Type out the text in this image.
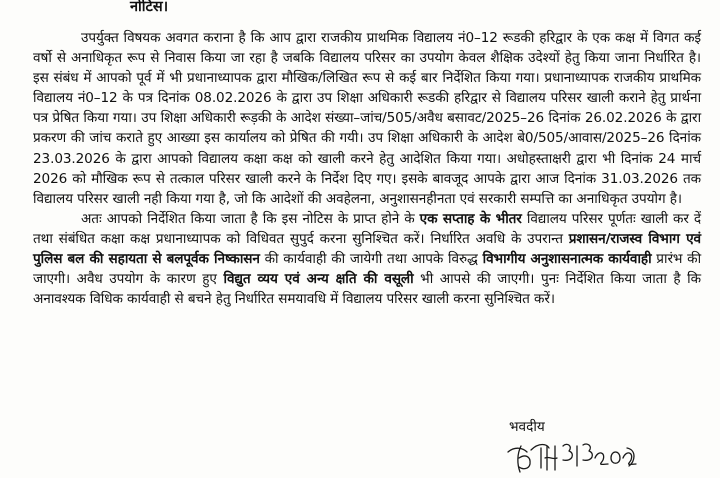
नोटिस।

उपर्युक्त विषयक अवगत कराना है कि आप द्वारा राजकीय प्राथमिक विद्यालय नं0–12 रूडकी हरिद्वार के एक कक्ष में विगत कई वर्षो से अनाधिकृत रूप से निवास किया जा रहा है जबकि विद्यालय परिसर का उपयोग केवल शैक्षिक उदेश्यों हेतु किया जाना निर्धारित है। इस संबंध में आपको पूर्व में भी प्रधानाध्यापक द्वारा मौखिक/लिखित रूप से कई बार निर्देशित किया गया। प्रधानाध्यापक राजकीय प्राथमिक विद्यालय नं0–12 के पत्र दिनांक 08.02.2026 के द्वारा उप शिक्षा अधिकारी रूडकी हरिद्वार से विद्यालय परिसर खाली कराने हेतु प्रार्थना पत्र प्रेषित किया गया। उप शिक्षा अधिकारी रूड़की के आदेश संख्या–जांच/505/अवैध बसावट/2025–26 दिनांक 26.02.2026 के द्वारा प्रकरण की जांच कराते हुए आख्या इस कार्यालय को प्रेषित की गयी। उप शिक्षा अधिकारी के आदेश बे0/505/आवास/2025–26 दिनांक 23.03.2026 के द्वारा आपको विद्यालय कक्षा कक्ष को खाली करने हेतु आदेशित किया गया। अधोहस्ताक्षरी द्वारा भी दिनांक 24 मार्च 2026 को मौखिक रूप से तत्काल परिसर खाली करने के निर्देश दिए गए। इसके बावजूद आपके द्वारा आज दिनांक 31.03.2026 तक विद्यालय परिसर खाली नही किया गया है, जो कि आदेशों की अवहेलना, अनुशासनहीनता एवं सरकारी सम्पत्ति का अनाधिकृत उपयोग है।

अतः आपको निर्देशित किया जाता है कि इस नोटिस के प्राप्त होने के एक सप्ताह के भीतर विद्यालय परिसर पूर्णतः खाली कर दें तथा संबंधित कक्षा कक्ष प्रधानाध्यापक को विधिवत सुपुर्द करना सुनिश्चित करें। निर्धारित अवधि के उपरान्त प्रशासन/राजस्व विभाग एवं पुलिस बल की सहायता से बलपूर्वक निष्कासन की कार्यवाही की जायेगी तथा आपके विरुद्ध विभागीय अनुशासनात्मक कार्यवाही प्रारंभ की जाएगी। अवैध उपयोग के कारण हुए विद्युत व्यय एवं अन्य क्षति की वसूली भी आपसे की जाएगी। पुनः निर्देशित किया जाता है कि अनावश्यक विधिक कार्यवाही से बचने हेतु निर्धारित समयावधि में विद्यालय परिसर खाली करना सुनिश्चित करें।

भवदीय
